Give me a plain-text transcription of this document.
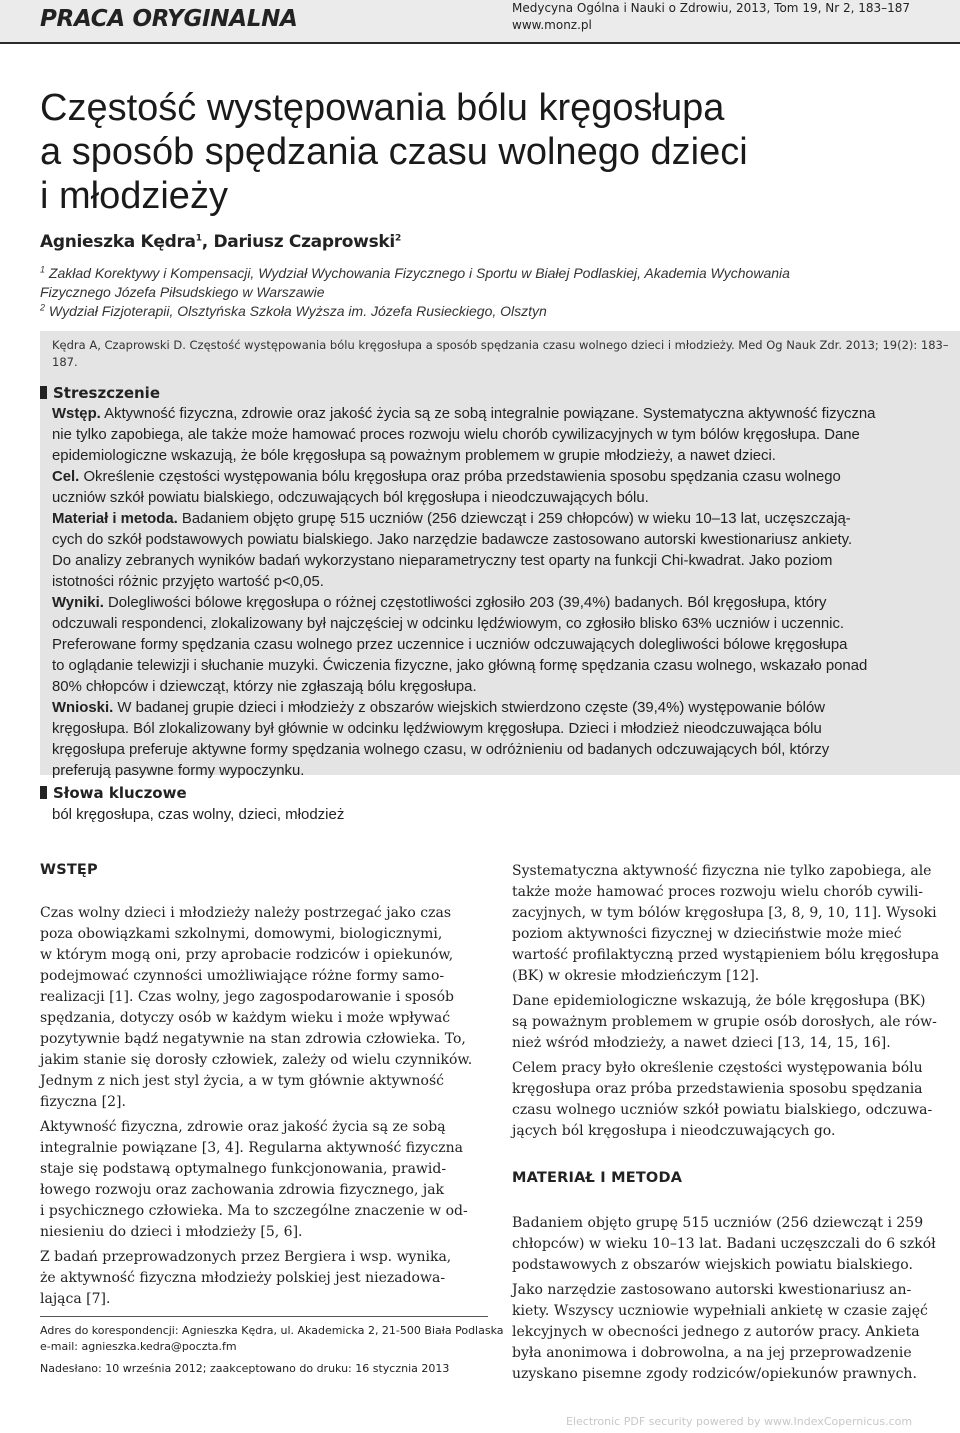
PRACA ORYGINALNA	Medycyna Ogólna i Nauki o Zdrowiu, 2013, Tom 19, Nr 2, 183–187
www.monz.pl
Częstość występowania bólu kręgosłupa
a sposób spędzania czasu wolnego dzieci
i młodzieży
Agnieszka Kędra$^1$, Dariusz Czaprowski$^2$
$^1$ Zakład Korektywy i Kompensacji, Wydział Wychowania Fizycznego i Sportu w Białej Podlaskiej, Akademia Wychowania
Fizycznego Józefa Piłsudskiego w Warszawie
$^2$ Wydział Fizjoterapii, Olsztyńska Szkoła Wyższa im. Józefa Rusieckiego, Olsztyn
Kędra A, Czaprowski D. Częstość występowania bólu kręgosłupa a sposób spędzania czasu wolnego dzieci i młodzieży. Med Og Nauk Zdr. 2013; 19(2): 183–187.
Streszczenie
Wstęp. Aktywność fizyczna, zdrowie oraz jakość życia są ze sobą integralnie powiązane. Systematyczna aktywność fizyczna
nie tylko zapobiega, ale także może hamować proces rozwoju wielu chorób cywilizacyjnych w tym bólów kręgosłupa. Dane
epidemiologiczne wskazują, że bóle kręgosłupa są poważnym problemem w grupie młodzieży, a nawet dzieci.
Cel. Określenie częstości występowania bólu kręgosłupa oraz próba przedstawienia sposobu spędzania czasu wolnego
uczniów szkół powiatu bialskiego, odczuwających ból kręgosłupa i nieodczuwających bólu.
Materiał i metoda. Badaniem objęto grupę 515 uczniów (256 dziewcząt i 259 chłopców) w wieku 10–13 lat, uczęszczają-
cych do szkół podstawowych powiatu bialskiego. Jako narzędzie badawcze zastosowano autorski kwestionariusz ankiety.
Do analizy zebranych wyników badań wykorzystano nieparametryczny test oparty na funkcji Chi-kwadrat. Jako poziom
istotności różnic przyjęto wartość p<0,05.
Wyniki. Dolegliwości bólowe kręgosłupa o różnej częstotliwości zgłosiło 203 (39,4%) badanych. Ból kręgosłupa, który
odczuwali respondenci, zlokalizowany był najczęściej w odcinku lędźwiowym, co zgłosiło blisko 63% uczniów i uczennic.
Preferowane formy spędzania czasu wolnego przez uczennice i uczniów odczuwających dolegliwości bólowe kręgosłupa
to oglądanie telewizji i słuchanie muzyki. Ćwiczenia fizyczne, jako główną formę spędzania czasu wolnego, wskazało ponad
80% chłopców i dziewcząt, którzy nie zgłaszają bólu kręgosłupa.
Wnioski. W badanej grupie dzieci i młodzieży z obszarów wiejskich stwierdzono częste (39,4%) występowanie bólów
kręgosłupa. Ból zlokalizowany był głównie w odcinku lędźwiowym kręgosłupa. Dzieci i młodzież nieodczuwająca bólu
kręgosłupa preferuje aktywne formy spędzania wolnego czasu, w odróżnieniu od badanych odczuwających ból, którzy
preferują pasywne formy wypoczynku.
Słowa kluczowe
ból kręgosłupa, czas wolny, dzieci, młodzież
WSTĘP
Czas wolny dzieci i młodzieży należy postrzegać jako czas
poza obowiązkami szkolnymi, domowymi, biologicznymi,
w którym mogą oni, przy aprobacie rodziców i opiekunów,
podejmować czynności umożliwiające różne formy samo-
realizacji [1]. Czas wolny, jego zagospodarowanie i sposób
spędzania, dotyczy osób w każdym wieku i może wpływać
pozytywnie bądź negatywnie na stan zdrowia człowieka. To,
jakim stanie się dorosły człowiek, zależy od wielu czynników.
Jednym z nich jest styl życia, a w tym głównie aktywność
fizyczna [2].
Aktywność fizyczna, zdrowie oraz jakość życia są ze sobą
integralnie powiązane [3, 4]. Regularna aktywność fizyczna
staje się podstawą optymalnego funkcjonowania, prawid-
łowego rozwoju oraz zachowania zdrowia fizycznego, jak
i psychicznego człowieka. Ma to szczególne znaczenie w od-
niesieniu do dzieci i młodzieży [5, 6].
Z badań przeprowadzonych przez Bergiera i wsp. wynika,
że aktywność fizyczna młodzieży polskiej jest niezadowa-
lająca [7].
Systematyczna aktywność fizyczna nie tylko zapobiega, ale
także może hamować proces rozwoju wielu chorób cywili-
zacyjnych, w tym bólów kręgosłupa [3, 8, 9, 10, 11]. Wysoki
poziom aktywności fizycznej w dzieciństwie może mieć
wartość profilaktyczną przed wystąpieniem bólu kręgosłupa
(BK) w okresie młodzieńczym [12].
Dane epidemiologiczne wskazują, że bóle kręgosłupa (BK)
są poważnym problemem w grupie osób dorosłych, ale rów-
nież wśród młodzieży, a nawet dzieci [13, 14, 15, 16].
Celem pracy było określenie częstości występowania bólu
kręgosłupa oraz próba przedstawienia sposobu spędzania
czasu wolnego uczniów szkół powiatu bialskiego, odczuwa-
jących ból kręgosłupa i nieodczuwających go.
MATERIAŁ I METODA
Badaniem objęto grupę 515 uczniów (256 dziewcząt i 259
chłopców) w wieku 10–13 lat. Badani uczęszczali do 6 szkół
podstawowych z obszarów wiejskich powiatu bialskiego.
Jako narzędzie zastosowano autorski kwestionariusz an-
kiety. Wszyscy uczniowie wypełniali ankietę w czasie zajęć
lekcyjnych w obecności jednego z autorów pracy. Ankieta
była anonimowa i dobrowolna, a na jej przeprowadzenie
uzyskano pisemne zgody rodziców/opiekunów prawnych.
Adres do korespondencji: Agnieszka Kędra, ul. Akademicka 2, 21-500 Biała Podlaska
e-mail: agnieszka.kedra@poczta.fm
Nadesłano: 10 września 2012; zaakceptowano do druku: 16 stycznia 2013
Electronic PDF security powered by www.IndexCopernicus.com
